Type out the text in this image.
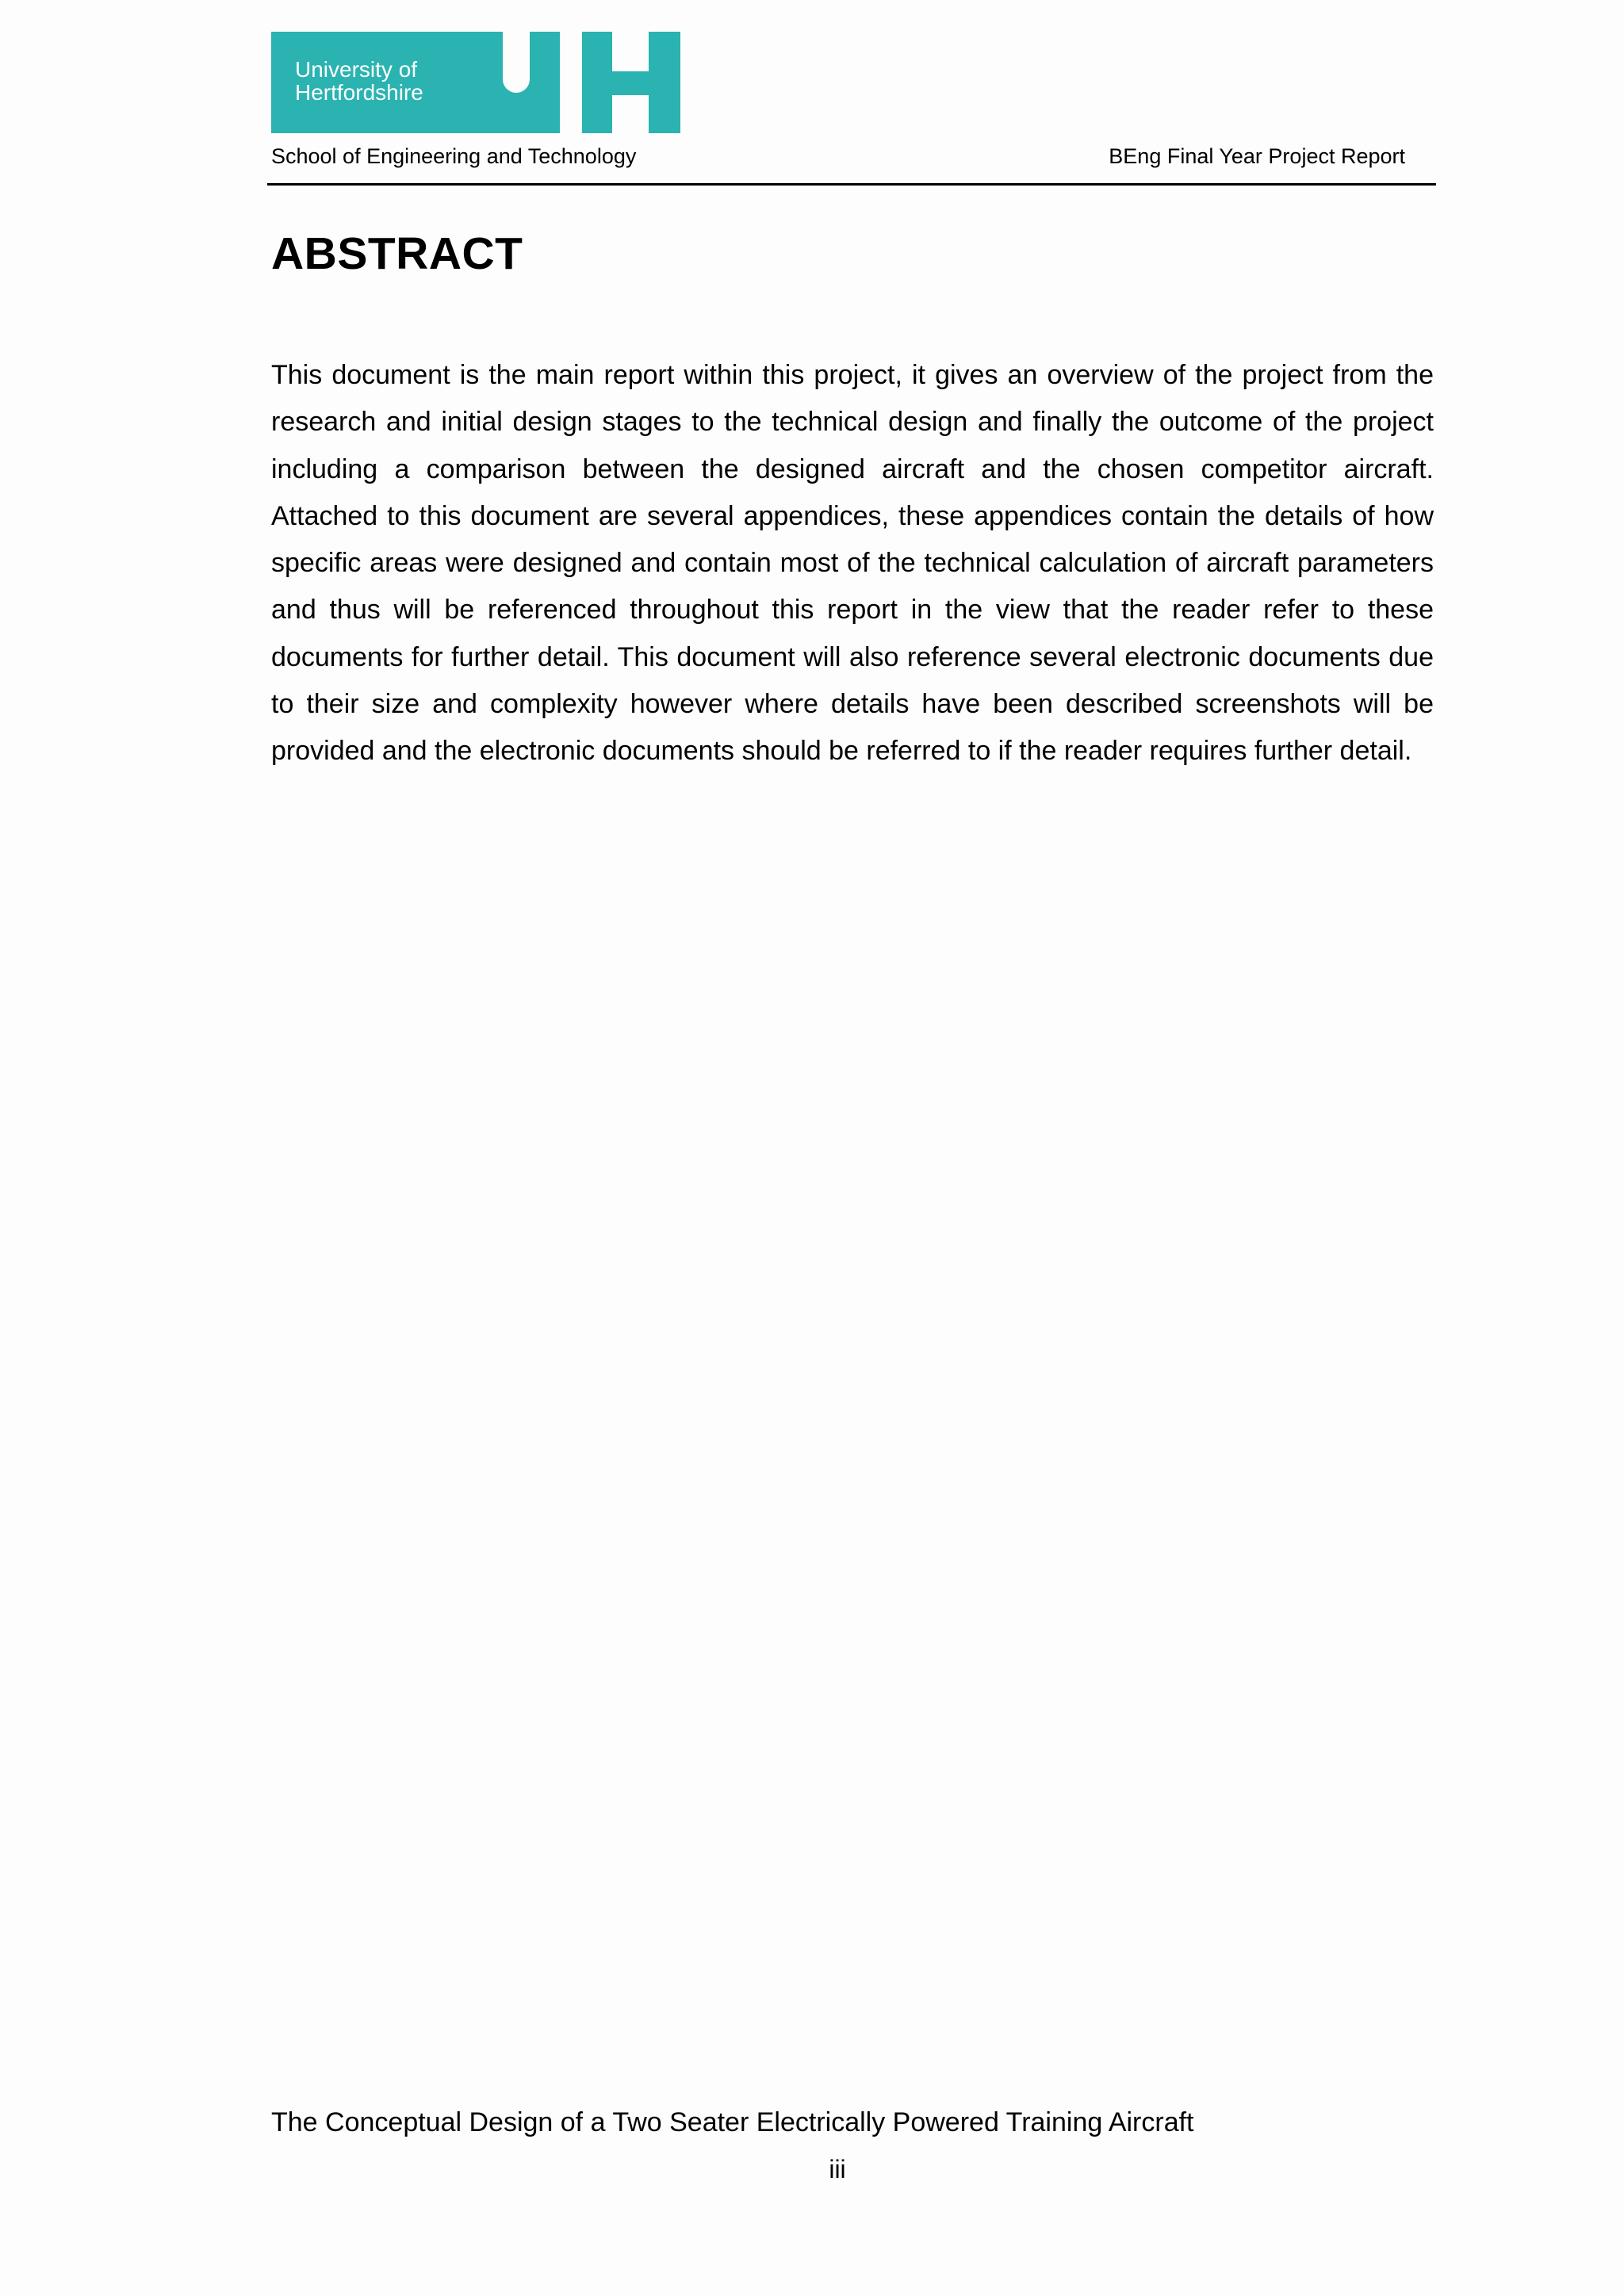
University of
Hertfordshire
School of Engineering and Technology	BEng Final Year Project Report
ABSTRACT

This document is the main report within this project, it gives an overview of the project from the research and initial design stages to the technical design and finally the outcome of the project including a comparison between the designed aircraft and the chosen competitor aircraft. Attached to this document are several appendices, these appendices contain the details of how specific areas were designed and contain most of the technical calculation of aircraft parameters and thus will be referenced throughout this report in the view that the reader refer to these documents for further detail. This document will also reference several electronic documents due to their size and complexity however where details have been described screenshots will be provided and the electronic documents should be referred to if the reader requires further detail.

The Conceptual Design of a Two Seater Electrically Powered Training Aircraft
iii
